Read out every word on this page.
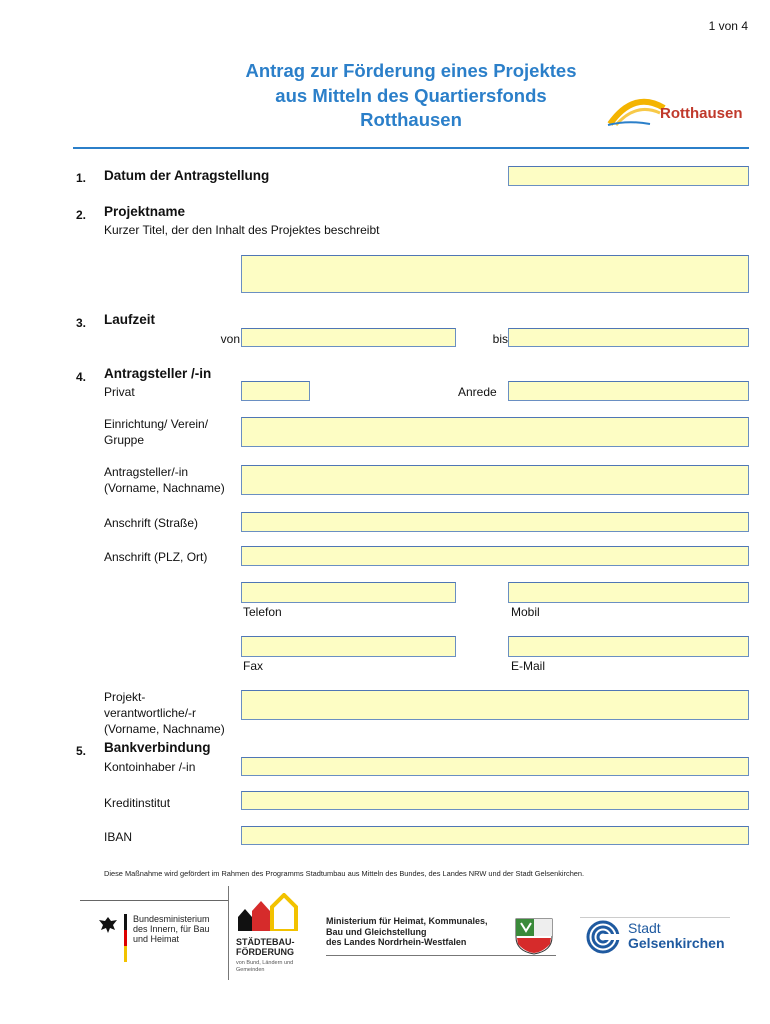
1 von 4
Antrag zur Förderung eines Projektes
aus Mitteln des Quartiersfonds
Rotthausen	Rotthausen
1. Datum der Antragstellung
2. Projektname
Kurzer Titel, der den Inhalt des Projektes beschreibt
3. Laufzeit
von	bis
4. Antragsteller /-in
Privat	Anrede
Einrichtung/ Verein/
Gruppe
Antragsteller/-in
(Vorname, Nachname)
Anschrift (Straße)
Anschrift (PLZ, Ort)
Telefon	Mobil
Fax	E-Mail
Projekt-
verantwortliche/-r
(Vorname, Nachname)
5. Bankverbindung
Kontoinhaber /-in
Kreditinstitut
IBAN
Diese Maßnahme wird gefördert im Rahmen des Programms Stadtumbau aus Mitteln des Bundes, des Landes NRW und der Stadt Gelsenkirchen.
Bundesministerium
des Innern, für Bau
und Heimat	STÄDTEBAU-
FÖRDERUNG
von Bund, Ländern und
Gemeinden
Ministerium für Heimat, Kommunales,
Bau und Gleichstellung
des Landes Nordrhein-Westfalen
Stadt
Gelsenkirchen
